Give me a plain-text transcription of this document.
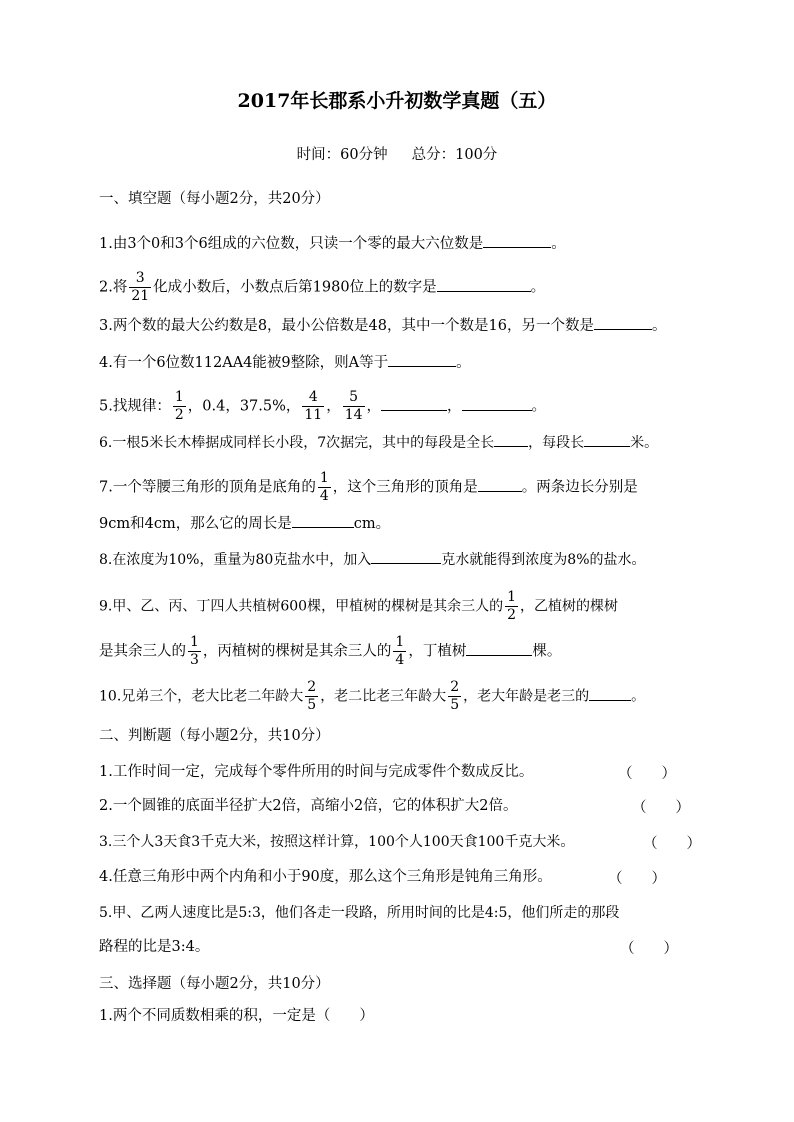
2017年长郡系小升初数学真题（五）
时间：60分钟 总分：100分
一、填空题（每小题2分，共20分）
1.由3个0和3个6组成的六位数，只读一个零的最大六位数是	。
2.将 $\frac{3}{21}$ 化成小数后，小数点后第1980位上的数字是	。
3.两个数的最大公约数是8，最小公倍数是48，其中一个数是16，另一个数是	。
4.有一个6位数112AA4能被9整除，则A等于	。
5.找规律： $\frac{1}{2}$ ，0.4，37.5%， $\frac{4}{11}$ ， $\frac{5}{14}$ ，	，	。
6.一根5米长木棒据成同样长小段，7次据完，其中的每段是全长 ，每段长	米。
7.一个等腰三角形的顶角是底角的 $\frac{1}{4}$ ，这个三角形的顶角是	。两条边长分别是
9cm和4cm，那么它的周长是	cm。
8.在浓度为10%，重量为80克盐水中，加入	克水就能得到浓度为8%的盐水。
9.甲、乙、丙、丁四人共植树600棵，甲植树的棵树是其余三人的 $\frac{1}{2}$ ，乙植树的棵树
是其余三人的 $\frac{1}{3}$ ，丙植树的棵树是其余三人的 $\frac{1}{4}$ ，丁植树	棵。
10.兄弟三个，老大比老二年龄大 $\frac{2}{5}$ ，老二比老三年龄大 $\frac{2}{5}$ ，老大年龄是老三的	。
二、判断题（每小题2分，共10分）
1.工作时间一定，完成每个零件所用的时间与完成零件个数成反比。	（　　）
2.一个圆锥的底面半径扩大2倍，高缩小2倍，它的体积扩大2倍。	（　　）
3.三个人3天食3千克大米，按照这样计算，100个人100天食100千克大米。	（　　）
4.任意三角形中两个内角和小于90度，那么这个三角形是钝角三角形。	（　　）
5.甲、乙两人速度比是5:3，他们各走一段路，所用时间的比是4:5，他们所走的那段
路程的比是3:4。	（　　）
三、选择题（每小题2分，共10分）
1.两个不同质数相乘的积，一定是（　　）
